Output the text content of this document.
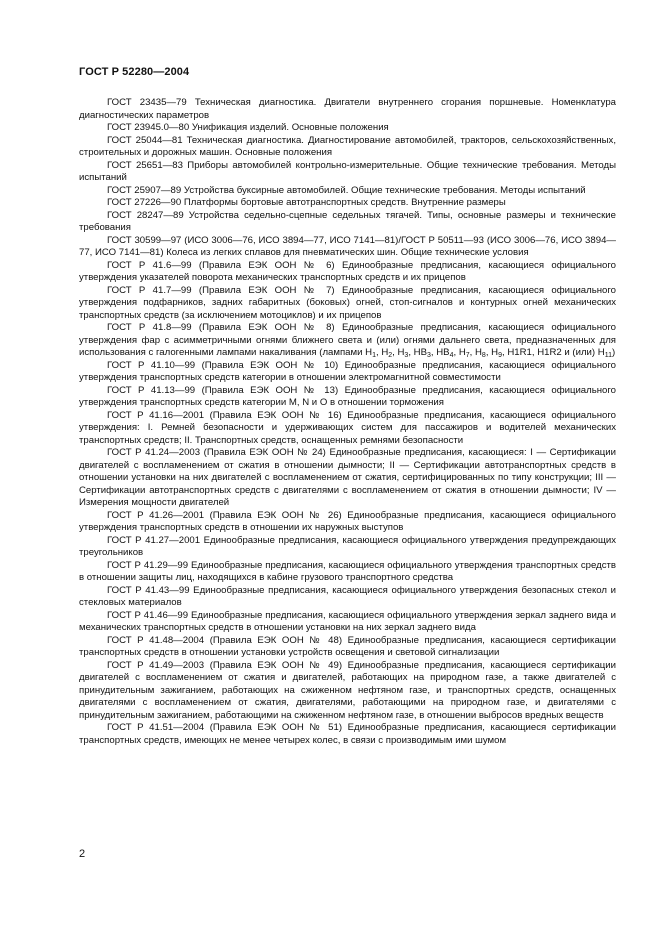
ГОСТ Р 52280—2004

ГОСТ 23435—79 Техническая диагностика. Двигатели внутреннего сгорания поршневые. Номенклатура диагностических параметров

ГОСТ 23945.0—80 Унификация изделий. Основные положения

ГОСТ 25044—81 Техническая диагностика. Диагностирование автомобилей, тракторов, сельскохозяйственных, строительных и дорожных машин. Основные положения

ГОСТ 25651—83 Приборы автомобилей контрольно-измерительные. Общие технические требования. Методы испытаний

ГОСТ 25907—89 Устройства буксирные автомобилей. Общие технические требования. Методы испытаний

ГОСТ 27226—90 Платформы бортовые автотранспортных средств. Внутренние размеры

ГОСТ 28247—89 Устройства седельно-сцепные седельных тягачей. Типы, основные размеры и технические требования

ГОСТ 30599—97 (ИСО 3006—76, ИСО 3894—77, ИСО 7141—81)/ГОСТ Р 50511—93 (ИСО 3006—76, ИСО 3894—77, ИСО 7141—81) Колеса из легких сплавов для пневматических шин. Общие технические условия

ГОСТ Р 41.6—99 (Правила ЕЭК ООН № 6) Единообразные предписания, касающиеся официального утверждения указателей поворота механических транспортных средств и их прицепов

ГОСТ Р 41.7—99 (Правила ЕЭК ООН № 7) Единообразные предписания, касающиеся официального утверждения подфарников, задних габаритных (боковых) огней, стоп-сигналов и контурных огней механических транспортных средств (за исключением мотоциклов) и их прицепов

ГОСТ Р 41.8—99 (Правила ЕЭК ООН № 8) Единообразные предписания, касающиеся официального утверждения фар с асимметричными огнями ближнего света и (или) огнями дальнего света, предназначенных для использования с галогенными лампами накаливания (лампами $Н_1$, $H_2$, $H_3$, $HB_3$, $HB_4$, $H_7$, $H_8$, $H_9$, H1R1, H1R2 и (или) $H_{11}$)

ГОСТ Р 41.10—99 (Правила ЕЭК ООН № 10) Единообразные предписания, касающиеся официального утверждения транспортных средств категории в отношении электромагнитной совместимости

ГОСТ Р 41.13—99 (Правила ЕЭК ООН № 13) Единообразные предписания, касающиеся официального утверждения транспортных средств категории М, N и О в отношении торможения

ГОСТ Р 41.16—2001 (Правила ЕЭК ООН № 16) Единообразные предписания, касающиеся официального утверждения: I. Ремней безопасности и удерживающих систем для пассажиров и водителей механических транспортных средств; II. Транспортных средств, оснащенных ремнями безопасности

ГОСТ Р 41.24—2003 (Правила ЕЭК ООН № 24) Единообразные предписания, касающиеся: I — Сертификации двигателей с воспламенением от сжатия в отношении дымности; II — Сертификации автотранспортных средств в отношении установки на них двигателей с воспламенением от сжатия, сертифицированных по типу конструкции; III — Сертификации автотранспортных средств с двигателями с воспламенением от сжатия в отношении дымности; IV — Измерения мощности двигателей

ГОСТ Р 41.26—2001 (Правила ЕЭК ООН № 26) Единообразные предписания, касающиеся официального утверждения транспортных средств в отношении их наружных выступов

ГОСТ Р 41.27—2001 Единообразные предписания, касающиеся официального утверждения предупреждающих треугольников

ГОСТ Р 41.29—99 Единообразные предписания, касающиеся официального утверждения транспортных средств в отношении защиты лиц, находящихся в кабине грузового транспортного средства

ГОСТ Р 41.43—99 Единообразные предписания, касающиеся официального утверждения безопасных стекол и стекловых материалов

ГОСТ Р 41.46—99 Единообразные предписания, касающиеся официального утверждения зеркал заднего вида и механических транспортных средств в отношении установки на них зеркал заднего вида

ГОСТ Р 41.48—2004 (Правила ЕЭК ООН № 48) Единообразные предписания, касающиеся сертификации транспортных средств в отношении установки устройств освещения и световой сигнализации

ГОСТ Р 41.49—2003 (Правила ЕЭК ООН № 49) Единообразные предписания, касающиеся сертификации двигателей с воспламенением от сжатия и двигателей, работающих на природном газе, а также двигателей с принудительным зажиганием, работающих на сжиженном нефтяном газе, и транспортных средств, оснащенных двигателями с воспламенением от сжатия, двигателями, работающими на природном газе, и двигателями с принудительным зажиганием, работающими на сжиженном нефтяном газе, в отношении выбросов вредных веществ

ГОСТ Р 41.51—2004 (Правила ЕЭК ООН № 51) Единообразные предписания, касающиеся сертификации транспортных средств, имеющих не менее четырех колес, в связи с производимым ими шумом

2
